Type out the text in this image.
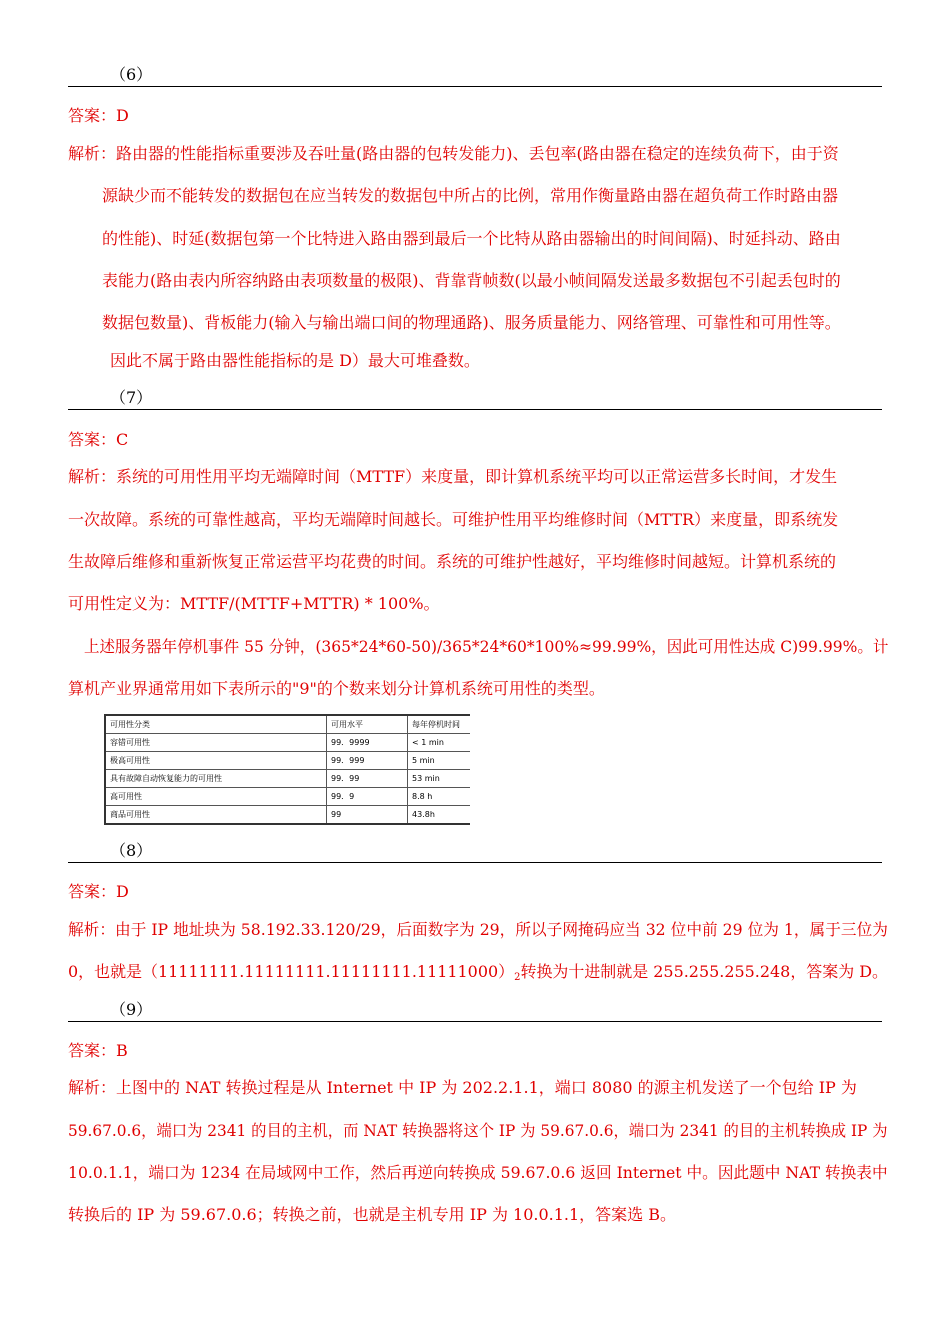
（6）
答案：D
解析：路由器的性能指标重要涉及吞吐量(路由器的包转发能力)、丢包率(路由器在稳定的连续负荷下，由于资
源缺少而不能转发的数据包在应当转发的数据包中所占的比例，常用作衡量路由器在超负荷工作时路由器
的性能)、时延(数据包第一个比特进入路由器到最后一个比特从路由器输出的时间间隔)、时延抖动、路由
表能力(路由表内所容纳路由表项数量的极限)、背靠背帧数(以最小帧间隔发送最多数据包不引起丢包时的
数据包数量)、背板能力(输入与输出端口间的物理通路)、服务质量能力、网络管理、可靠性和可用性等。
因此不属于路由器性能指标的是 D）最大可堆叠数。
（7）
答案：C
解析：系统的可用性用平均无端障时间（MTTF）来度量，即计算机系统平均可以正常运营多长时间，才发生
一次故障。系统的可靠性越高，平均无端障时间越长。可维护性用平均维修时间（MTTR）来度量，即系统发
生故障后维修和重新恢复正常运营平均花费的时间。系统的可维护性越好，平均维修时间越短。计算机系统的
可用性定义为：MTTF/(MTTF+MTTR) * 100%。
上述服务器年停机事件 55 分钟，(365*24*60-50)/365*24*60*100%≈99.99%，因此可用性达成 C)99.99%。计
算机产业界通常用如下表所示的"9"的个数来划分计算机系统可用性的类型。
可用性分类	可用水平	每年停机时间
容错可用性	99．9999	< 1 min
极高可用性	99．999	5 min
具有故障自动恢复能力的可用性	99．99	53 min
高可用性	99．9	8.8 h
商品可用性	99	43.8h
（8）
答案：D
解析：由于 IP 地址块为 58.192.33.120/29，后面数字为 29，所以子网掩码应当 32 位中前 29 位为 1，属于三位为
0，也就是$(11111111.11111111.11111111.11111000)_2$转换为十进制就是 255.255.255.248，答案为 D。
（9）
答案：B
解析：上图中的 NAT 转换过程是从 Internet 中 IP 为 202.2.1.1，端口 8080 的源主机发送了一个包给 IP 为
59.67.0.6，端口为 2341 的目的主机，而 NAT 转换器将这个 IP 为 59.67.0.6，端口为 2341 的目的主机转换成 IP 为
10.0.1.1，端口为 1234 在局域网中工作，然后再逆向转换成 59.67.0.6 返回 Internet 中。因此题中 NAT 转换表中
转换后的 IP 为 59.67.0.6；转换之前，也就是主机专用 IP 为 10.0.1.1，答案选 B。
